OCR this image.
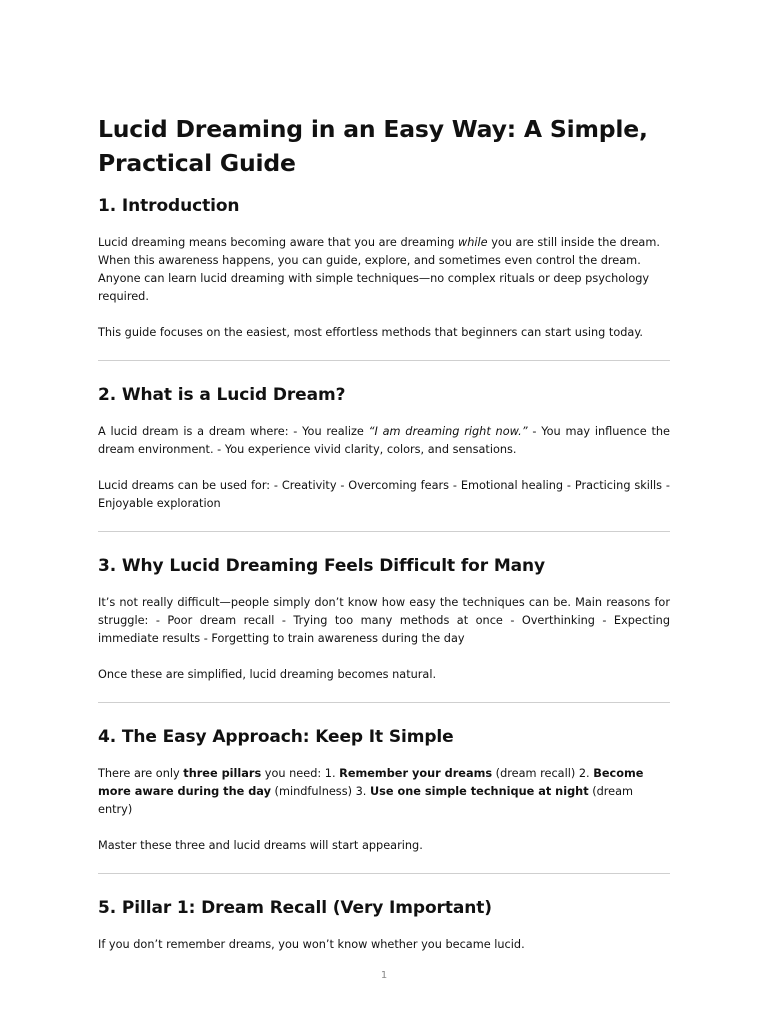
Lucid Dreaming in an Easy Way: A Simple, Practical Guide
1. Introduction

Lucid dreaming means becoming aware that you are dreaming while you are still inside the dream. When this awareness happens, you can guide, explore, and sometimes even control the dream. Anyone can learn lucid dreaming with simple techniques—no complex rituals or deep psychology required.

This guide focuses on the easiest, most effortless methods that beginners can start using today.

2. What is a Lucid Dream?

A lucid dream is a dream where: - You realize “I am dreaming right now.” - You may influence the dream environment. - You experience vivid clarity, colors, and sensations.

Lucid dreams can be used for: - Creativity - Overcoming fears - Emotional healing - Practicing skills - Enjoyable exploration

3. Why Lucid Dreaming Feels Difficult for Many

It’s not really difficult—people simply don’t know how easy the techniques can be. Main reasons for struggle: - Poor dream recall - Trying too many methods at once - Overthinking - Expecting immediate results - Forgetting to train awareness during the day

Once these are simplified, lucid dreaming becomes natural.

4. The Easy Approach: Keep It Simple

There are only three pillars you need: 1. Remember your dreams (dream recall) 2. Become more aware during the day (mindfulness) 3. Use one simple technique at night (dream entry)

Master these three and lucid dreams will start appearing.

5. Pillar 1: Dream Recall (Very Important)

If you don’t remember dreams, you won’t know whether you became lucid.

1
